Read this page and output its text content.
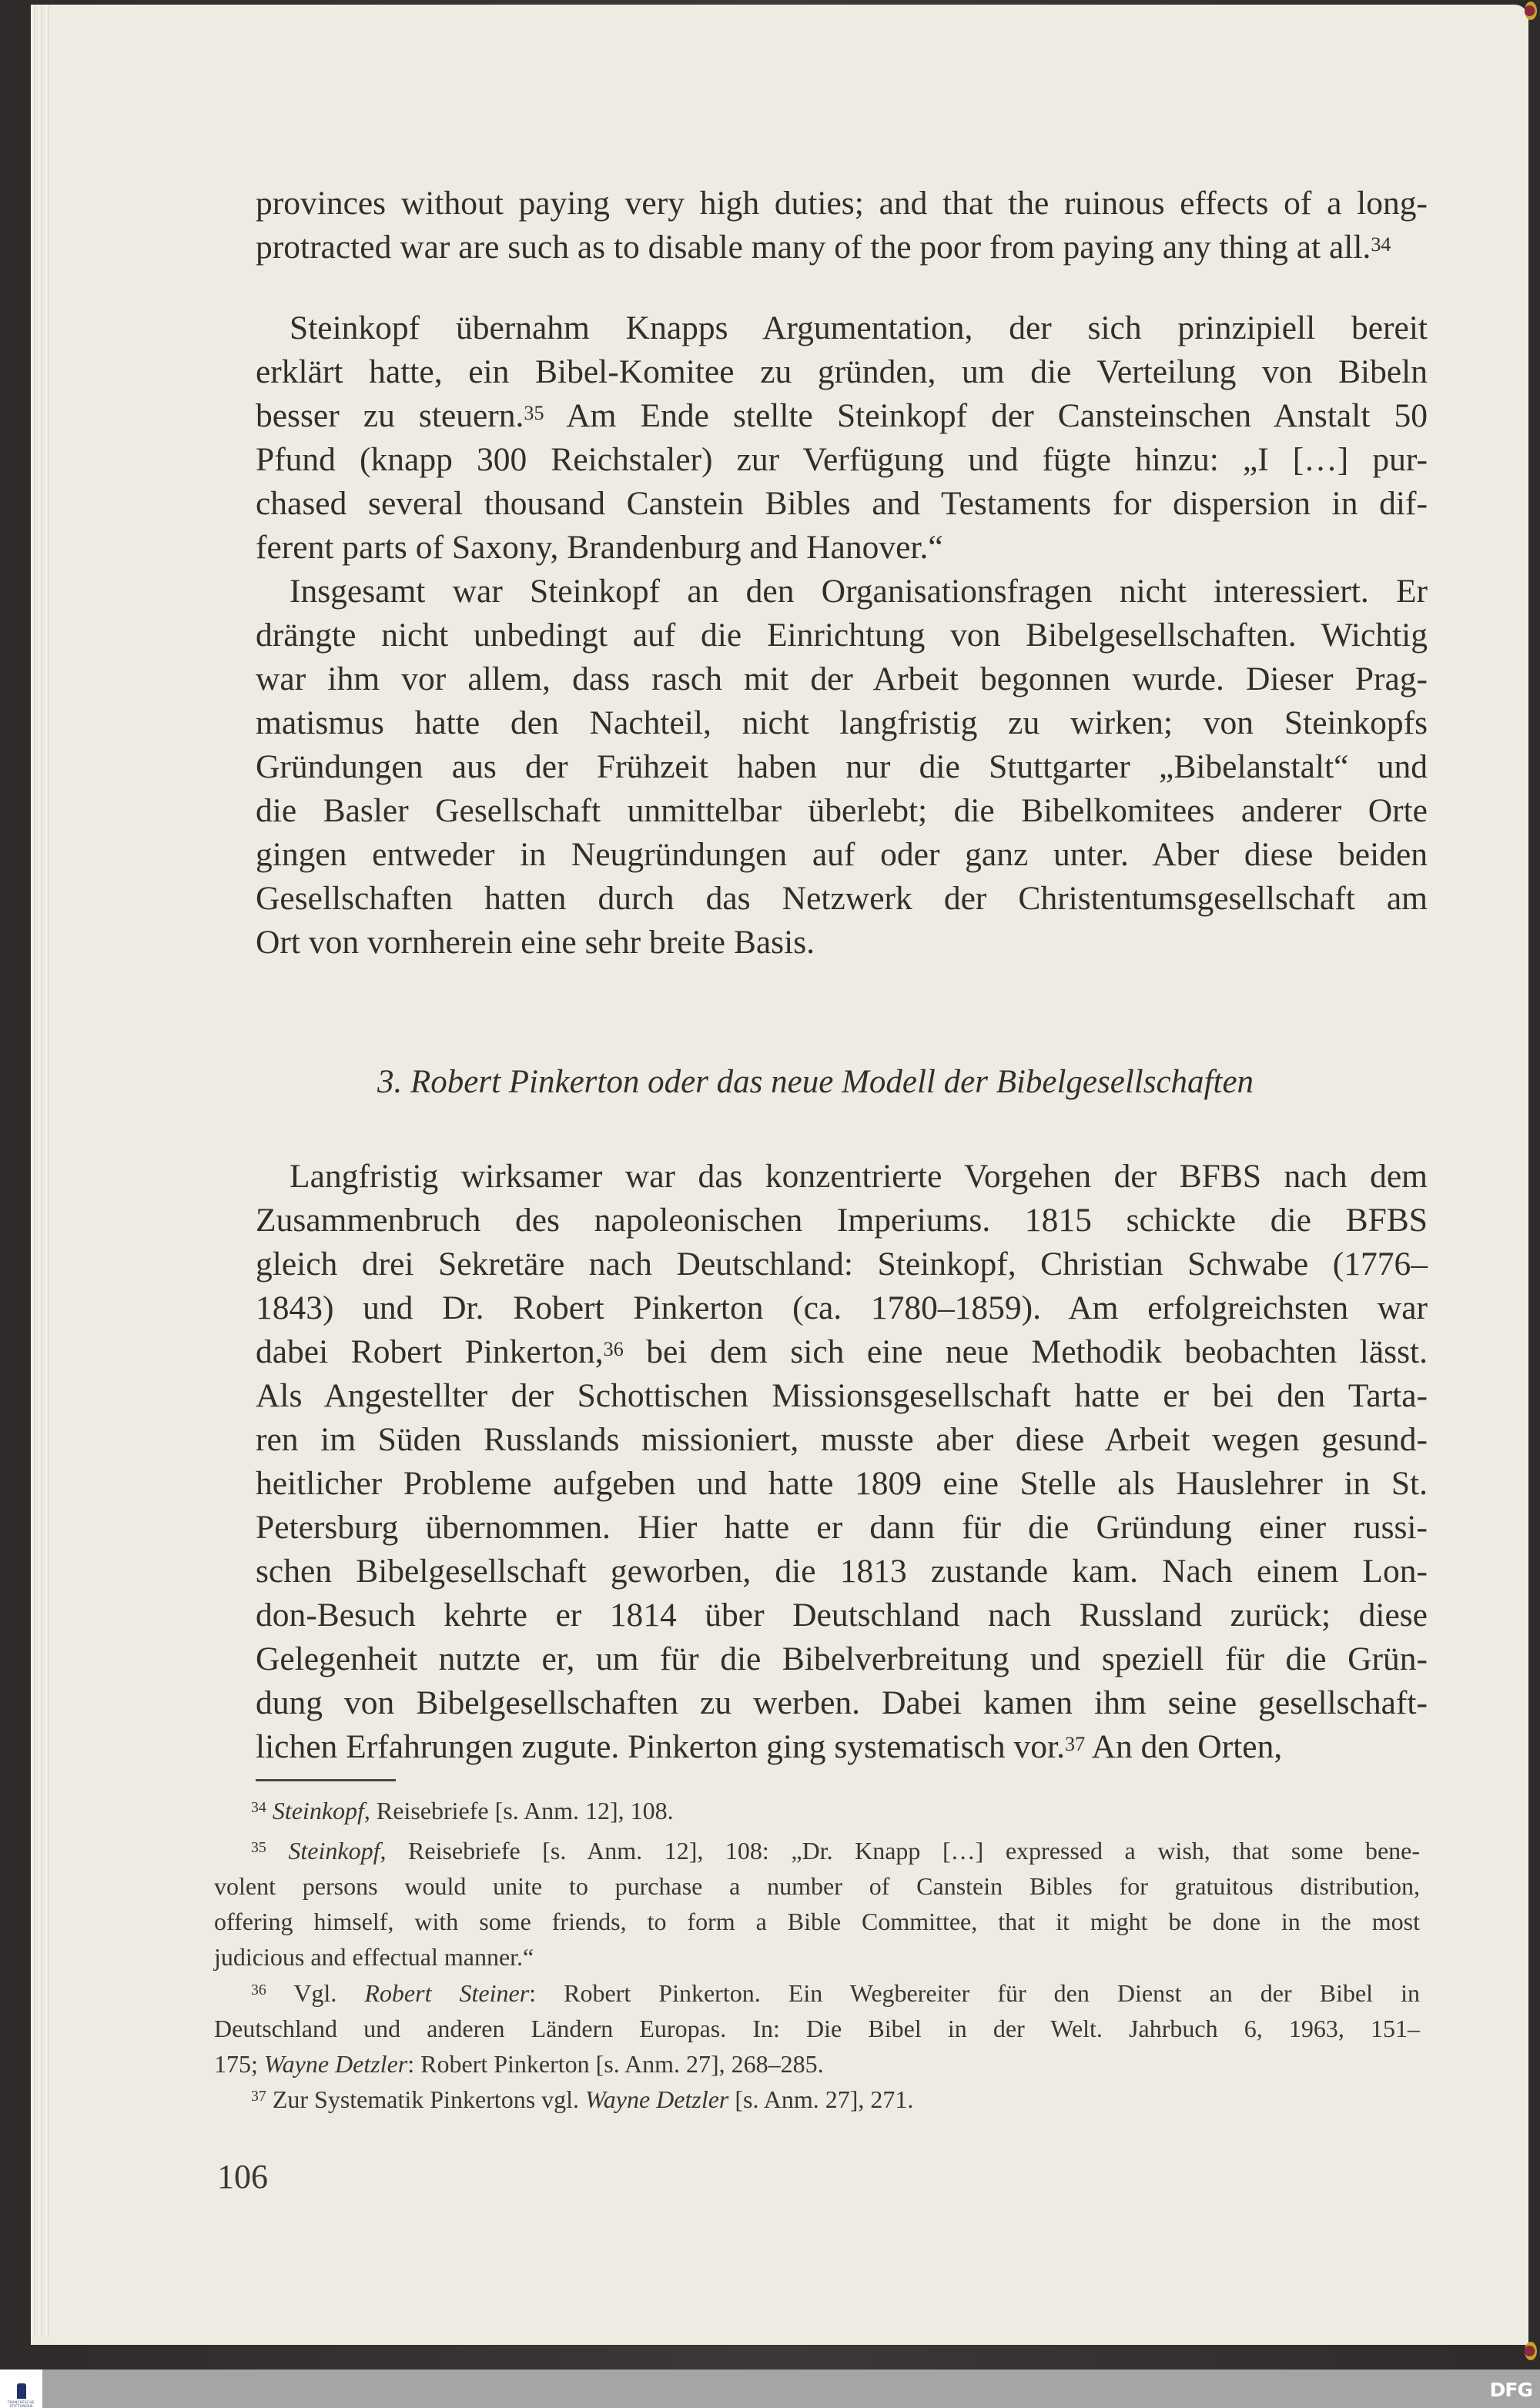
provinces without paying very high duties; and that the ruinous effects of a long-
protracted war are such as to disable many of the poor from paying any thing at all.$^{34}$
Steinkopf übernahm Knapps Argumentation, der sich prinzipiell bereit
erklärt hatte, ein Bibel-Komitee zu gründen, um die Verteilung von Bibeln
besser zu steuern.$^{35}$ Am Ende stellte Steinkopf der Cansteinschen Anstalt 50
Pfund (knapp 300 Reichstaler) zur Verfügung und fügte hinzu: „I […] pur-
chased several thousand Canstein Bibles and Testaments for dispersion in dif-
ferent parts of Saxony, Brandenburg and Hanover.“
Insgesamt war Steinkopf an den Organisationsfragen nicht interessiert. Er
drängte nicht unbedingt auf die Einrichtung von Bibelgesellschaften. Wichtig
war ihm vor allem, dass rasch mit der Arbeit begonnen wurde. Dieser Prag-
matismus hatte den Nachteil, nicht langfristig zu wirken; von Steinkopfs
Gründungen aus der Frühzeit haben nur die Stuttgarter „Bibelanstalt“ und
die Basler Gesellschaft unmittelbar überlebt; die Bibelkomitees anderer Orte
gingen entweder in Neugründungen auf oder ganz unter. Aber diese beiden
Gesellschaften hatten durch das Netzwerk der Christentumsgesellschaft am
Ort von vornherein eine sehr breite Basis.
Langfristig wirksamer war das konzentrierte Vorgehen der BFBS nach dem
Zusammenbruch des napoleonischen Imperiums. 1815 schickte die BFBS
gleich drei Sekretäre nach Deutschland: Steinkopf, Christian Schwabe (1776–
1843) und Dr. Robert Pinkerton (ca. 1780–1859). Am erfolgreichsten war
dabei Robert Pinkerton,$^{36}$ bei dem sich eine neue Methodik beobachten lässt.
Als Angestellter der Schottischen Missionsgesellschaft hatte er bei den Tarta-
ren im Süden Russlands missioniert, musste aber diese Arbeit wegen gesund-
heitlicher Probleme aufgeben und hatte 1809 eine Stelle als Hauslehrer in St.
Petersburg übernommen. Hier hatte er dann für die Gründung einer russi-
schen Bibelgesellschaft geworben, die 1813 zustande kam. Nach einem Lon-
don-Besuch kehrte er 1814 über Deutschland nach Russland zurück; diese
Gelegenheit nutzte er, um für die Bibelverbreitung und speziell für die Grün-
dung von Bibelgesellschaften zu werben. Dabei kamen ihm seine gesellschaft-
lichen Erfahrungen zugute. Pinkerton ging systematisch vor.$^{37}$ An den Orten,
3. Robert Pinkerton oder das neue Modell der Bibelgesellschaften
$^{34}$ Steinkopf, Reisebriefe [s. Anm. 12], 108.
$^{35}$ Steinkopf, Reisebriefe [s. Anm. 12], 108: „Dr. Knapp […] expressed a wish, that some bene-
volent persons would unite to purchase a number of Canstein Bibles for gratuitous distribution,
offering himself, with some friends, to form a Bible Committee, that it might be done in the most
judicious and effectual manner.“
$^{36}$ Vgl. Robert Steiner: Robert Pinkerton. Ein Wegbereiter für den Dienst an der Bibel in
Deutschland und anderen Ländern Europas. In: Die Bibel in der Welt. Jahrbuch 6, 1963, 151–
175; Wayne Detzler: Robert Pinkerton [s. Anm. 27], 268–285.
$^{37}$ Zur Systematik Pinkertons vgl. Wayne Detzler [s. Anm. 27], 271.
106
FRANCKESCHE
STIFTUNGEN
DFG
